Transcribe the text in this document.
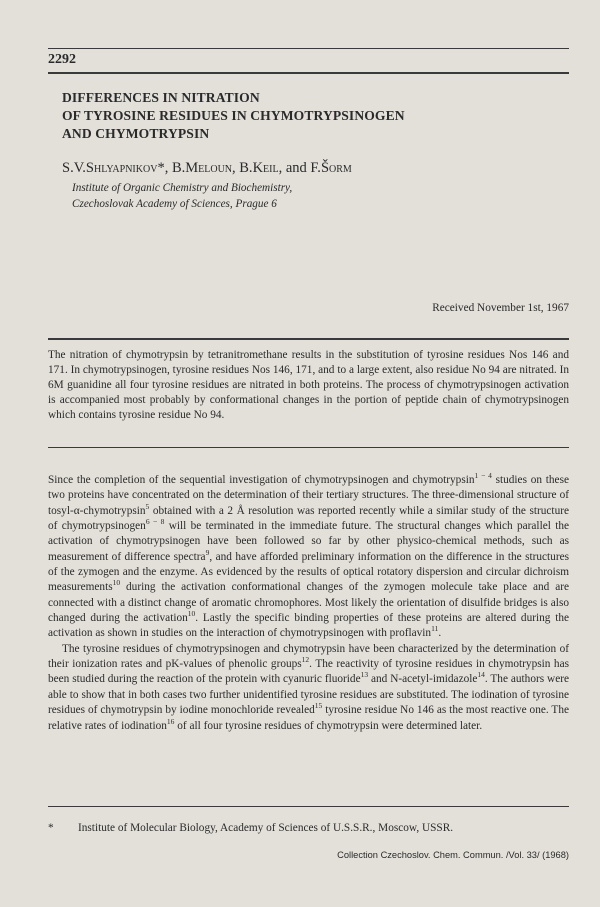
2292
DIFFERENCES IN NITRATION
OF TYROSINE RESIDUES IN CHYMOTRYPSINOGEN
AND CHYMOTRYPSIN
S.V.Shlyapnikov*, B.Meloun, B.Keil, and F.Šorm
Institute of Organic Chemistry and Biochemistry,
Czechoslovak Academy of Sciences, Prague 6
Received November 1st, 1967
The nitration of chymotrypsin by tetranitromethane results in the substitution of tyrosine residues Nos 146 and 171. In chymotrypsinogen, tyrosine residues Nos 146, 171, and to a large extent, also residue No 94 are nitrated. In 6M guanidine all four tyrosine residues are nitrated in both proteins. The process of chymotrypsinogen activation is accompanied most probably by conformational changes in the portion of peptide chain of chymotrypsinogen which contains tyrosine residue No 94.

Since the completion of the sequential investigation of chymotrypsinogen and chymotrypsin$^{1 - 4}$ studies on these two proteins have concentrated on the determination of their tertiary structures. The three-dimensional structure of tosyl-α-chymotrypsin$^5$ obtained with a 2 Å resolution was reported recently while a similar study of the structure of chymotrypsinogen$^{6 - 8}$ will be terminated in the immediate future. The structural changes which parallel the activation of chymotrypsinogen have been followed so far by other physico-chemical methods, such as measurement of difference spectra$^9$, and have afforded preliminary information on the difference in the structures of the zymogen and the enzyme. As evidenced by the results of optical rotatory dispersion and circular dichroism measurements$^{10}$ during the activation conformational changes of the zymogen molecule take place and are connected with a distinct change of aromatic chromophores. Most likely the orientation of disulfide bridges is also changed during the activation$^{10}$. Lastly the specific binding properties of these proteins are altered during the activation as shown in studies on the interaction of chymotrypsinogen with proflavin$^{11}$.

The tyrosine residues of chymotrypsinogen and chymotrypsin have been characterized by the determination of their ionization rates and pK-values of phenolic groups$^{12}$. The reactivity of tyrosine residues in chymotrypsin has been studied during the reaction of the protein with cyanuric fluoride$^{13}$ and N-acetyl-imidazole$^{14}$. The authors were able to show that in both cases two further unidentified tyrosine residues are substituted. The iodination of tyrosine residues of chymotrypsin by iodine monochloride revealed$^{15}$ tyrosine residue No 146 as the most reactive one. The relative rates of iodination$^{16}$ of all four tyrosine residues of chymotrypsin were determined later.

* Institute of Molecular Biology, Academy of Sciences of U.S.S.R., Moscow, USSR.
Collection Czechoslov. Chem. Commun. /Vol. 33/ (1968)
